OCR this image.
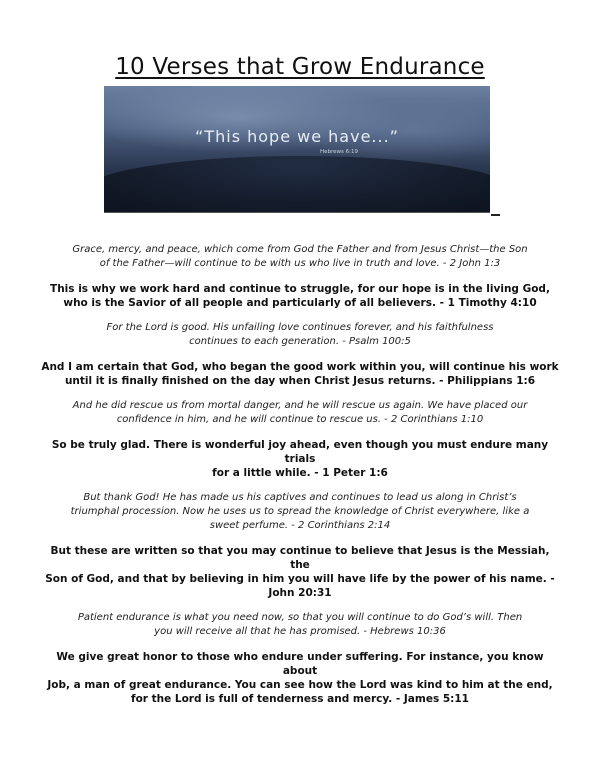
10 Verses that Grow Endurance
“This hope we have...”
Hebrews 6:19

Grace, mercy, and peace, which come from God the Father and from Jesus Christ—the Son
of the Father—will continue to be with us who live in truth and love. - 2 John 1:3

This is why we work hard and continue to struggle, for our hope is in the living God,
who is the Savior of all people and particularly of all believers. - 1 Timothy 4:10

For the Lord is good. His unfailing love continues forever, and his faithfulness
continues to each generation. - Psalm 100:5

And I am certain that God, who began the good work within you, will continue his work
until it is finally finished on the day when Christ Jesus returns. - Philippians 1:6

And he did rescue us from mortal danger, and he will rescue us again. We have placed our
confidence in him, and he will continue to rescue us. - 2 Corinthians 1:10

So be truly glad. There is wonderful joy ahead, even though you must endure many
trials
for a little while. - 1 Peter 1:6

But thank God! He has made us his captives and continues to lead us along in Christ’s
triumphal procession. Now he uses us to spread the knowledge of Christ everywhere, like a
sweet perfume. - 2 Corinthians 2:14

But these are written so that you may continue to believe that Jesus is the Messiah, the
Son of God, and that by believing in him you will have life by the power of his name. -
John 20:31

Patient endurance is what you need now, so that you will continue to do God’s will. Then
you will receive all that he has promised. - Hebrews 10:36

We give great honor to those who endure under suffering. For instance, you know about
Job, a man of great endurance. You can see how the Lord was kind to him at the end,
for the Lord is full of tenderness and mercy. - James 5:11
